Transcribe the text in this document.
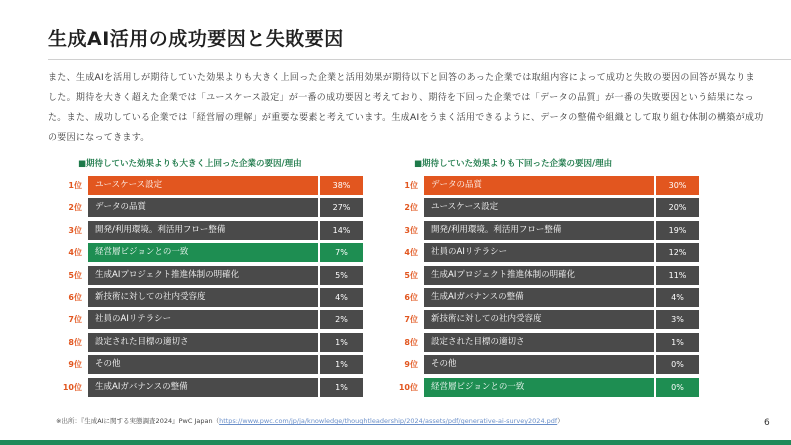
生成AI活用の成功要因と失敗要因
また、生成AIを活用しが期待していた効果よりも大きく上回った企業と活用効果が期待以下と回答のあった企業では取組内容によって成功と失敗の要因の回答が異なりました。期待を大きく超えた企業では「ユースケース設定」が一番の成功要因と考えており、期待を下回った企業では「データの品質」が一番の失敗要因という結果になった。また、成功している企業では「経営層の理解」が重要な要素と考えています。生成AIをうまく活用できるように、データの整備や組織として取り組む体制の構築が成功の要因になってきます。
■期待していた効果よりも大きく上回った企業の要因/理由
1位	ユースケース設定	38%
2位	データの品質	27%
3位	開発/利用環境。利活用フロー整備	14%
4位	経営層ビジョンとの一致	7%
5位	生成AIプロジェクト推進体制の明確化	5%
6位	新技術に対しての社内受容度	4%
7位	社員のAIリテラシー	2%
8位	設定された目標の適切さ	1%
9位	その他	1%
10位	生成AIガバナンスの整備	1%
■期待していた効果よりも下回った企業の要因/理由
1位	データの品質	30%
2位	ユースケース設定	20%
3位	開発/利用環境。利活用フロー整備	19%
4位	社員のAIリテラシー	12%
5位	生成AIプロジェクト推進体制の明確化	11%
6位	生成AIガバナンスの整備	4%
7位	新技術に対しての社内受容度	3%
8位	設定された目標の適切さ	1%
9位	その他	0%
10位	経営層ビジョンとの一致	0%
※出所：『生成AIに関する実態調査2024』PwC Japan（https://www.pwc.com/jp/ja/knowledge/thoughtleadership/2024/assets/pdf/generative-ai-survey2024.pdf）	6
